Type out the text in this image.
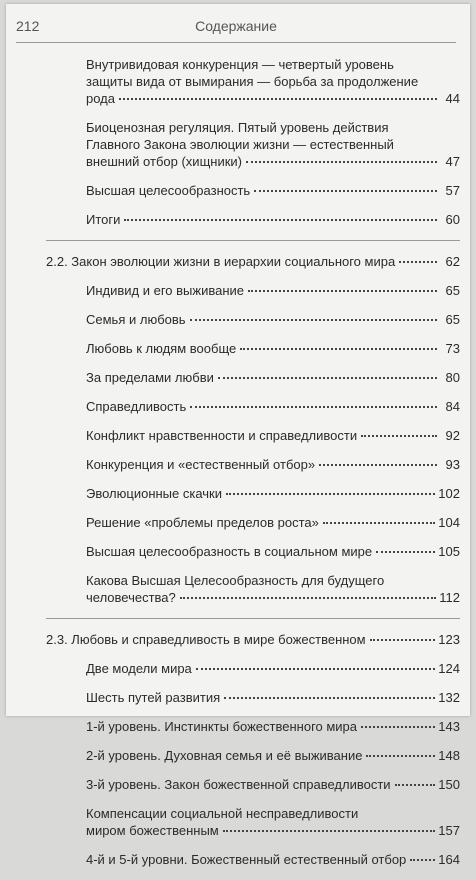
212	Содержание
Внутривидовая конкуренция — четвертый уровень
защиты вида от вымирания — борьба за продолжение
рода	44
Биоценозная регуляция. Пятый уровень действия
Главного Закона эволюции жизни — естественный
внешний отбор (хищники)	47
Высшая целесообразность	57
Итоги	60
2.2. Закон эволюции жизни в иерархии социального мира	62
Индивид и его выживание	65
Семья и любовь	65
Любовь к людям вообще	73
За пределами любви	80
Справедливость	84
Конфликт нравственности и справедливости	92
Конкуренция и «естественный отбор»	93
Эволюционные скачки	102
Решение «проблемы пределов роста»	104
Высшая целесообразность в социальном мире	105
Какова Высшая Целесообразность для будущего
человечества?	112
2.3. Любовь и справедливость в мире божественном	123
Две модели мира	124
Шесть путей развития	132
1-й уровень. Инстинкты божественного мира	143
2-й уровень. Духовная семья и её выживание	148
3-й уровень. Закон божественной справедливости	150
Компенсации социальной несправедливости
миром божественным	157
4-й и 5-й уровни. Божественный естественный отбор 164
